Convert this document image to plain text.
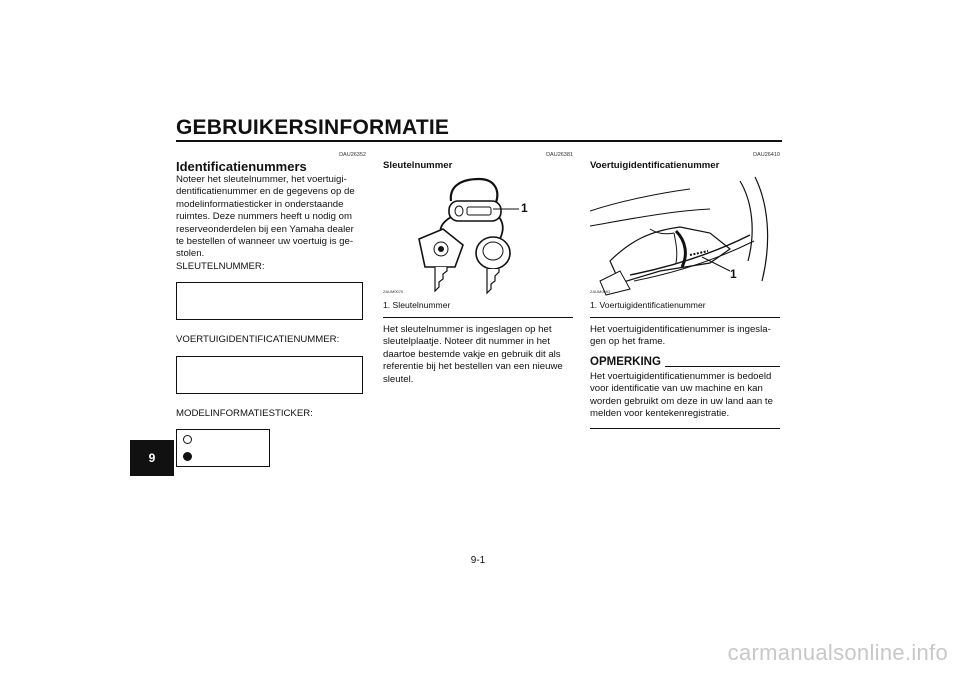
GEBRUIKERSINFORMATIE
9
DAU26352
Identificatienummers

Noteer het sleutelnummer, het voertuigi-
dentificatienummer en de gegevens op de
modelinformatiesticker in onderstaande
ruimtes. Deze nummers heeft u nodig om
reserveonderdelen bij een Yamaha dealer
te bestellen of wanneer uw voertuig is ge-
stolen.

SLEUTELNUMMER:

VOERTUIGIDENTIFICATIENUMMER:

MODELINFORMATIESTICKER:

DAU26381
Sleutelnummer
1
ZAUM0070

1. Sleutelnummer

Het sleutelnummer is ingeslagen op het
sleutelplaatje. Noteer dit nummer in het
daartoe bestemde vakje en gebruik dit als
referentie bij het bestellen van een nieuwe
sleutel.

DAU26410
Voertuigidentificatienummer
1
ZAUM0083

1. Voertuigidentificatienummer

Het voertuigidentificatienummer is ingesla-
gen op het frame.

OPMERKING

Het voertuigidentificatienummer is bedoeld
voor identificatie van uw machine en kan
worden gebruikt om deze in uw land aan te
melden voor kentekenregistratie.

9-1
carmanualsonline.info
